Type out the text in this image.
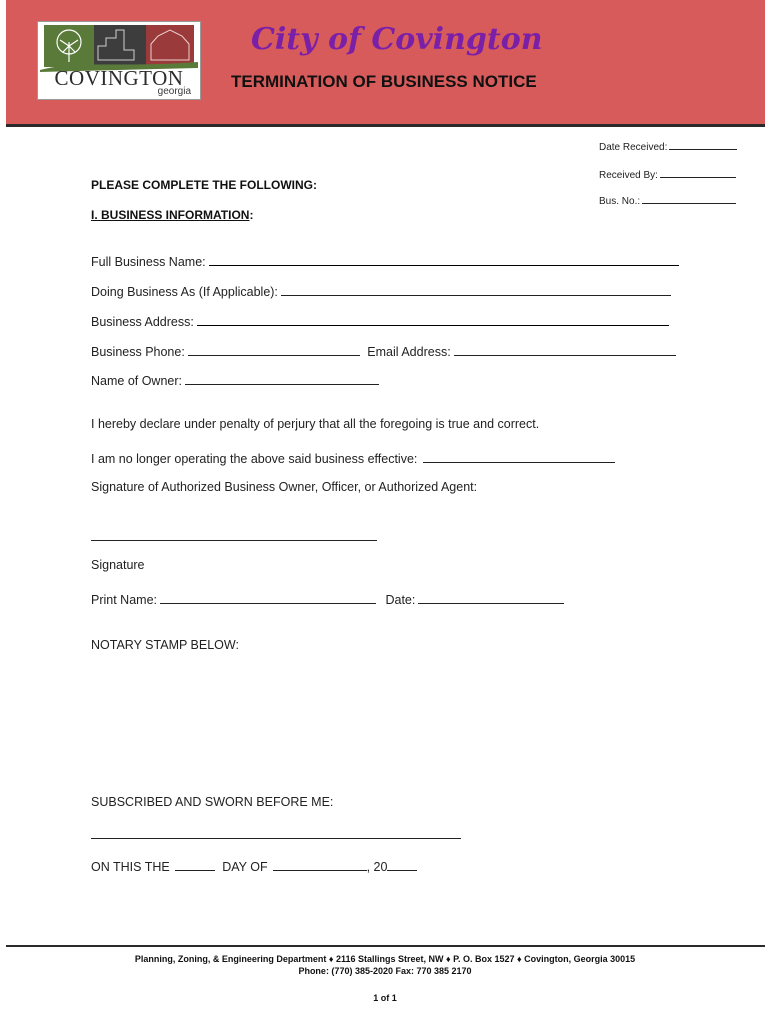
COVINGTON
georgia
City of Covington
TERMINATION OF BUSINESS NOTICE
Date Received:
Received By:
Bus. No.:
PLEASE COMPLETE THE FOLLOWING:
I. BUSINESS INFORMATION:
Full Business Name:
Doing Business As (If Applicable):
Business Address:
Business Phone:	Email Address:
Name of Owner:
I hereby declare under penalty of perjury that all the foregoing is true and correct.
I am no longer operating the above said business effective:
Signature of Authorized Business Owner, Officer, or Authorized Agent:
Signature
Print Name:	Date:
NOTARY STAMP BELOW:
SUBSCRIBED AND SWORN BEFORE ME:
ON THIS THE	DAY OF	, 20
Planning, Zoning, & Engineering Department ♦ 2116 Stallings Street, NW ♦ P. O. Box 1527 ♦ Covington, Georgia 30015
Phone: (770) 385-2020 Fax: 770 385 2170
1 of 1
